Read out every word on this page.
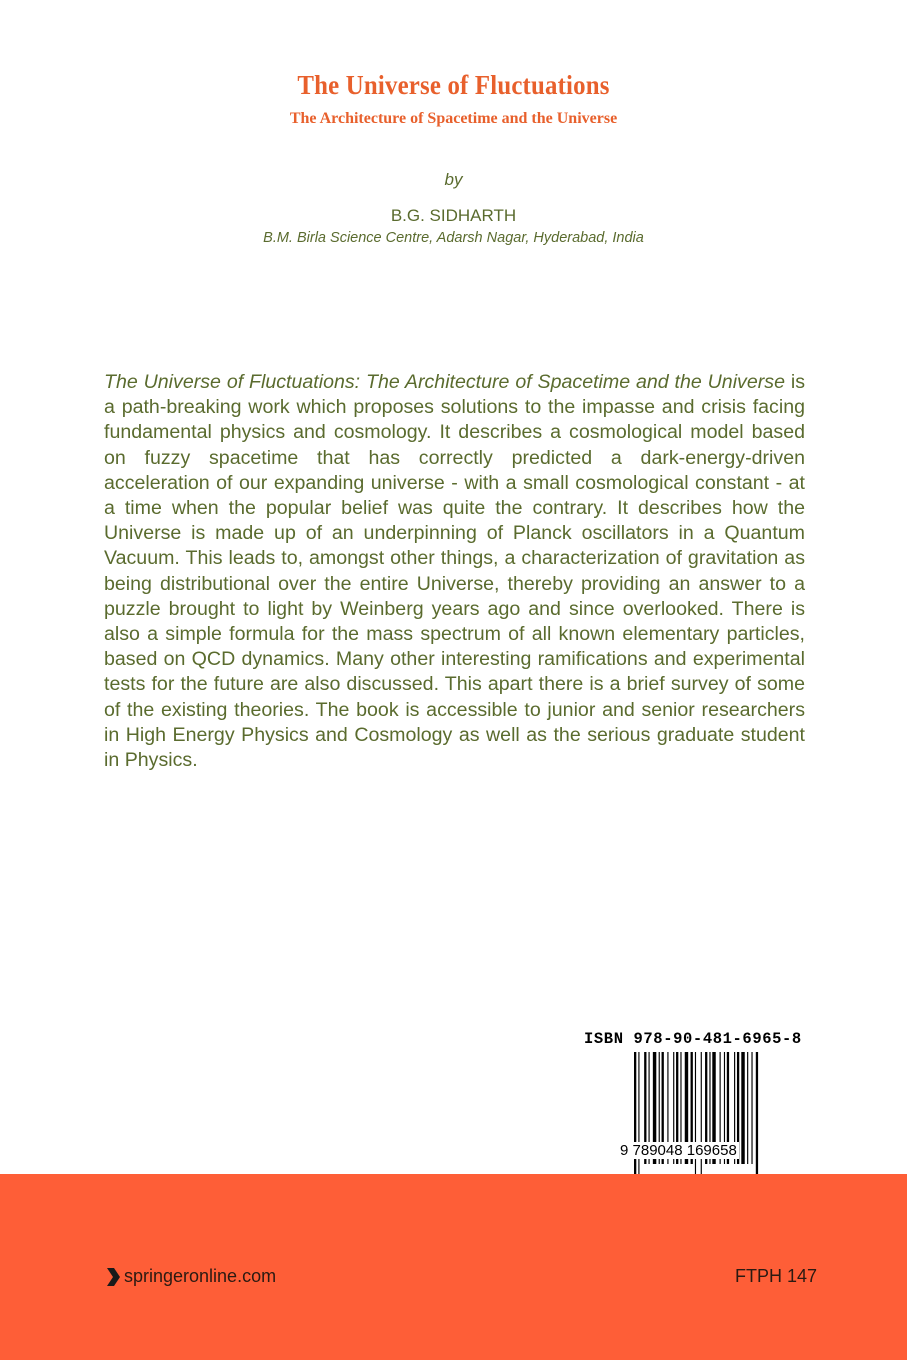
The Universe of Fluctuations
The Architecture of Spacetime and the Universe
by
B.G. SIDHARTH
B.M. Birla Science Centre, Adarsh Nagar, Hyderabad, India
The Universe of Fluctuations: The Architecture of Spacetime and the Universe is a path-breaking work which proposes solutions to the impasse and crisis facing fundamental physics and cosmology. It describes a cosmological model based on fuzzy spacetime that has correctly predicted a dark-energy-driven acceleration of our expanding universe - with a small cosmological constant - at a time when the popular belief was quite the contrary. It describes how the Universe is made up of an underpinning of Planck oscillators in a Quantum Vacuum. This leads to, amongst other things, a characterization of gravitation as being distributional over the entire Universe, thereby providing an answer to a puzzle brought to light by Weinberg years ago and since overlooked. There is also a simple formula for the mass spectrum of all known elementary particles, based on QCD dynamics. Many other interesting ramifications and experimental tests for the future are also discussed. This apart there is a brief survey of some of the existing theories. The book is accessible to junior and senior researchers in High Energy Physics and Cosmology as well as the serious graduate student in Physics.
ISBN 978-90-481-6965-8
9 789048 169658
springeronline.com	FTPH 147
